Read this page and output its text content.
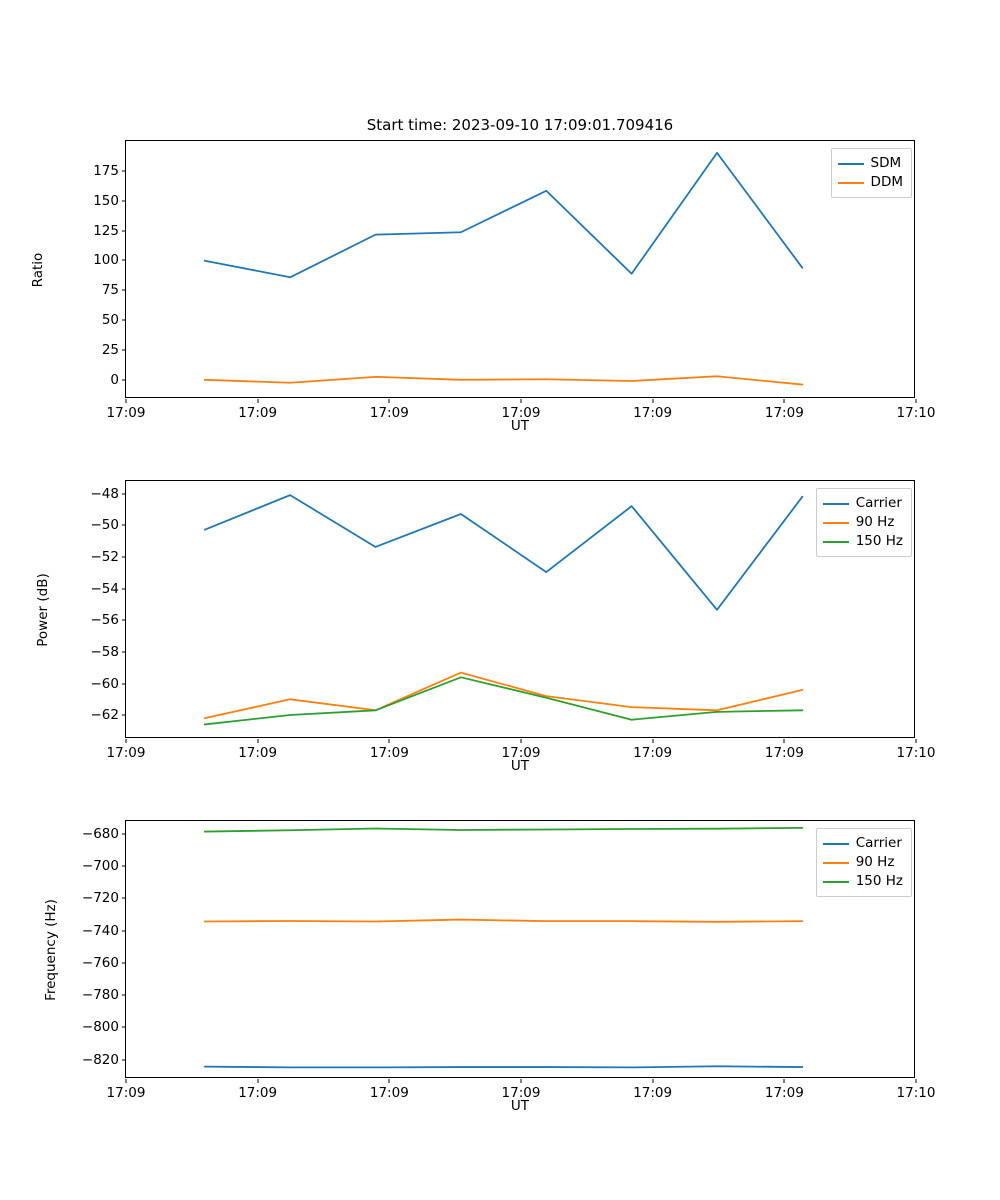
Start time: 2023-09-10 17:09:01.709416
Ratio
0
25
50
75
100
125
150
175
17:09	17:09	17:09	17:09	17:09	17:09	17:10
UT
SDM
DDM
Power (dB)
−62
−60
−58
−56
−54
−52
−50
−48
17:09	17:09	17:09	17:09	17:09	17:09	17:10
UT
Carrier
90 Hz
150 Hz
Frequency (Hz)
−820
−800
−780
−760
−740
−720
−700
−680
17:09	17:09	17:09	17:09	17:09	17:09	17:10
UT
Carrier
90 Hz
150 Hz
